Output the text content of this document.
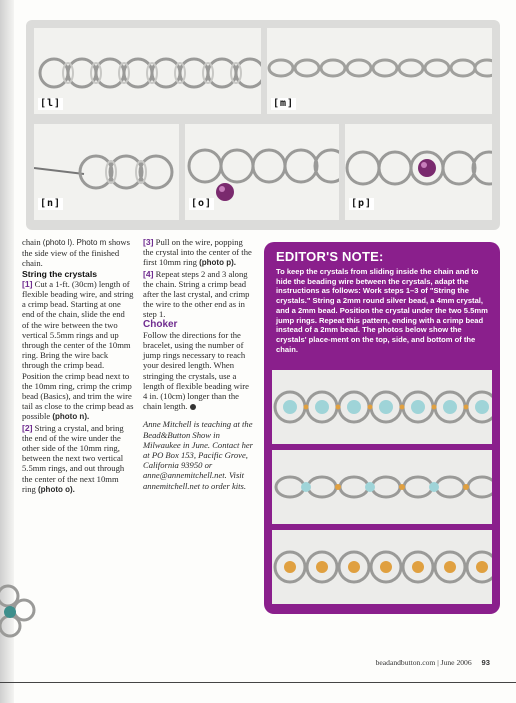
[l]	[m]
[n]	[o]	[p]

chain (photo l). Photo m shows the side view of the finished chain.

String the crystals

[1] Cut a 1-ft. (30cm) length of flexible beading wire, and string a crimp bead. Starting at one end of the chain, slide the end of the wire between the two vertical 5.5mm rings and up through the center of the 10mm ring. Bring the wire back through the crimp bead. Position the crimp bead next to the 10mm ring, crimp the crimp bead (Basics), and trim the wire tail as close to the crimp bead as possible (photo n).

[2] String a crystal, and bring the end of the wire under the other side of the 10mm ring, between the next two vertical 5.5mm rings, and out through the center of the next 10mm ring (photo o).

[3] Pull on the wire, popping the crystal into the center of the first 10mm ring (photo p).

[4] Repeat steps 2 and 3 along the chain. String a crimp bead after the last crystal, and crimp the wire to the other end as in step 1.

Choker

Follow the directions for the bracelet, using the number of jump rings necessary to reach your desired length. When stringing the crystals, use a length of flexible beading wire 4 in. (10cm) longer than the chain length.

Anne Mitchell is teaching at the Bead&Button Show in Milwaukee in June. Contact her at PO Box 153, Pacific Grove, California 93950 or anne@annemitchell.net. Visit annemitchell.net to order kits.

EDITOR'S NOTE:
To keep the crystals from sliding inside the chain and to hide the beading wire between the crystals, adapt the instructions as follows: Work steps 1–3 of "String the crystals." String a 2mm round silver bead, a 4mm crystal, and a 2mm bead. Position the crystal under the two 5.5mm jump rings. Repeat this pattern, ending with a crimp bead instead of a 2mm bead. The photos below show the crystals' place-ment on the top, side, and bottom of the chain.
beadandbutton.com | June 2006 93
